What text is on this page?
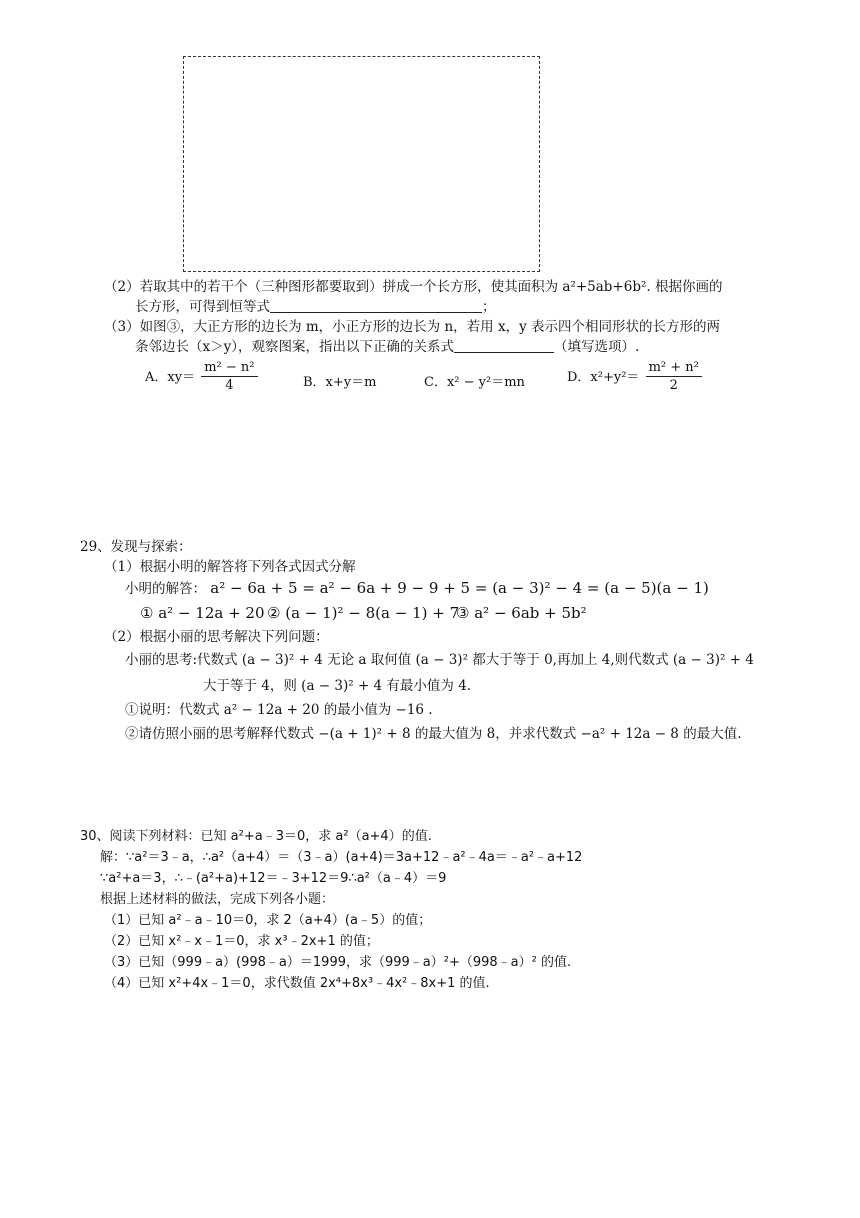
（2）若取其中的若干个（三种图形都要取到）拼成一个长方形，使其面积为 a²+5ab+6b². 根据你画的
长方形，可得到恒等式	；
（3）如图③，大正方形的边长为 m，小正方形的边长为 n，若用 x，y 表示四个相同形状的长方形的两
条邻边长（x＞y），观察图案，指出以下正确的关系式	（填写选项）.
A．$xy= \frac{\text{m² − n²}}{4}$	B．x+y＝m	C．x² − y²＝mn	D．$x^2+y^2= \frac{\text{m² + n²}}{2}$
29、发现与探索：
（1）根据小明的解答将下列各式因式分解
小明的解答： a² − 6a + 5 = a² − 6a + 9 − 9 + 5 = (a − 3)² − 4 = (a − 5)(a − 1)
① a² − 12a + 20 ② (a − 1)² − 8(a − 1) + 7
③ a² − 6ab + 5b²
（2）根据小丽的思考解决下列问题：
小丽的思考:代数式 (a − 3)² + 4 无论 a 取何值 (a − 3)² 都大于等于 0,再加上 4,则代数式 (a − 3)² + 4
大于等于 4，则 (a − 3)² + 4 有最小值为 4.
①说明：代数式 a² − 12a + 20 的最小值为 −16 .
②请仿照小丽的思考解释代数式 −(a + 1)² + 8 的最大值为 8，并求代数式 −a² + 12a − 8 的最大值.
30、阅读下列材料：已知 a²+a﹣3＝0，求 a²（a+4）的值.
解：∵a²＝3﹣a，∴a²（a+4）＝（3﹣a）(a+4)＝3a+12﹣a²﹣4a＝﹣a²﹣a+12
∵a²+a＝3，∴﹣(a²+a)+12＝﹣3+12＝9∴a²（a﹣4）＝9
根据上述材料的做法，完成下列各小题：
（1）已知 a²﹣a﹣10＝0，求 2（a+4）(a﹣5）的值；
（2）已知 x²﹣x﹣1＝0，求 x³﹣2x+1 的值；
（3）已知（999﹣a）(998﹣a）＝1999，求（999﹣a）²+（998﹣a）² 的值.
（4）已知 x²+4x﹣1＝0，求代数值 2x⁴+8x³﹣4x²﹣8x+1 的值.
